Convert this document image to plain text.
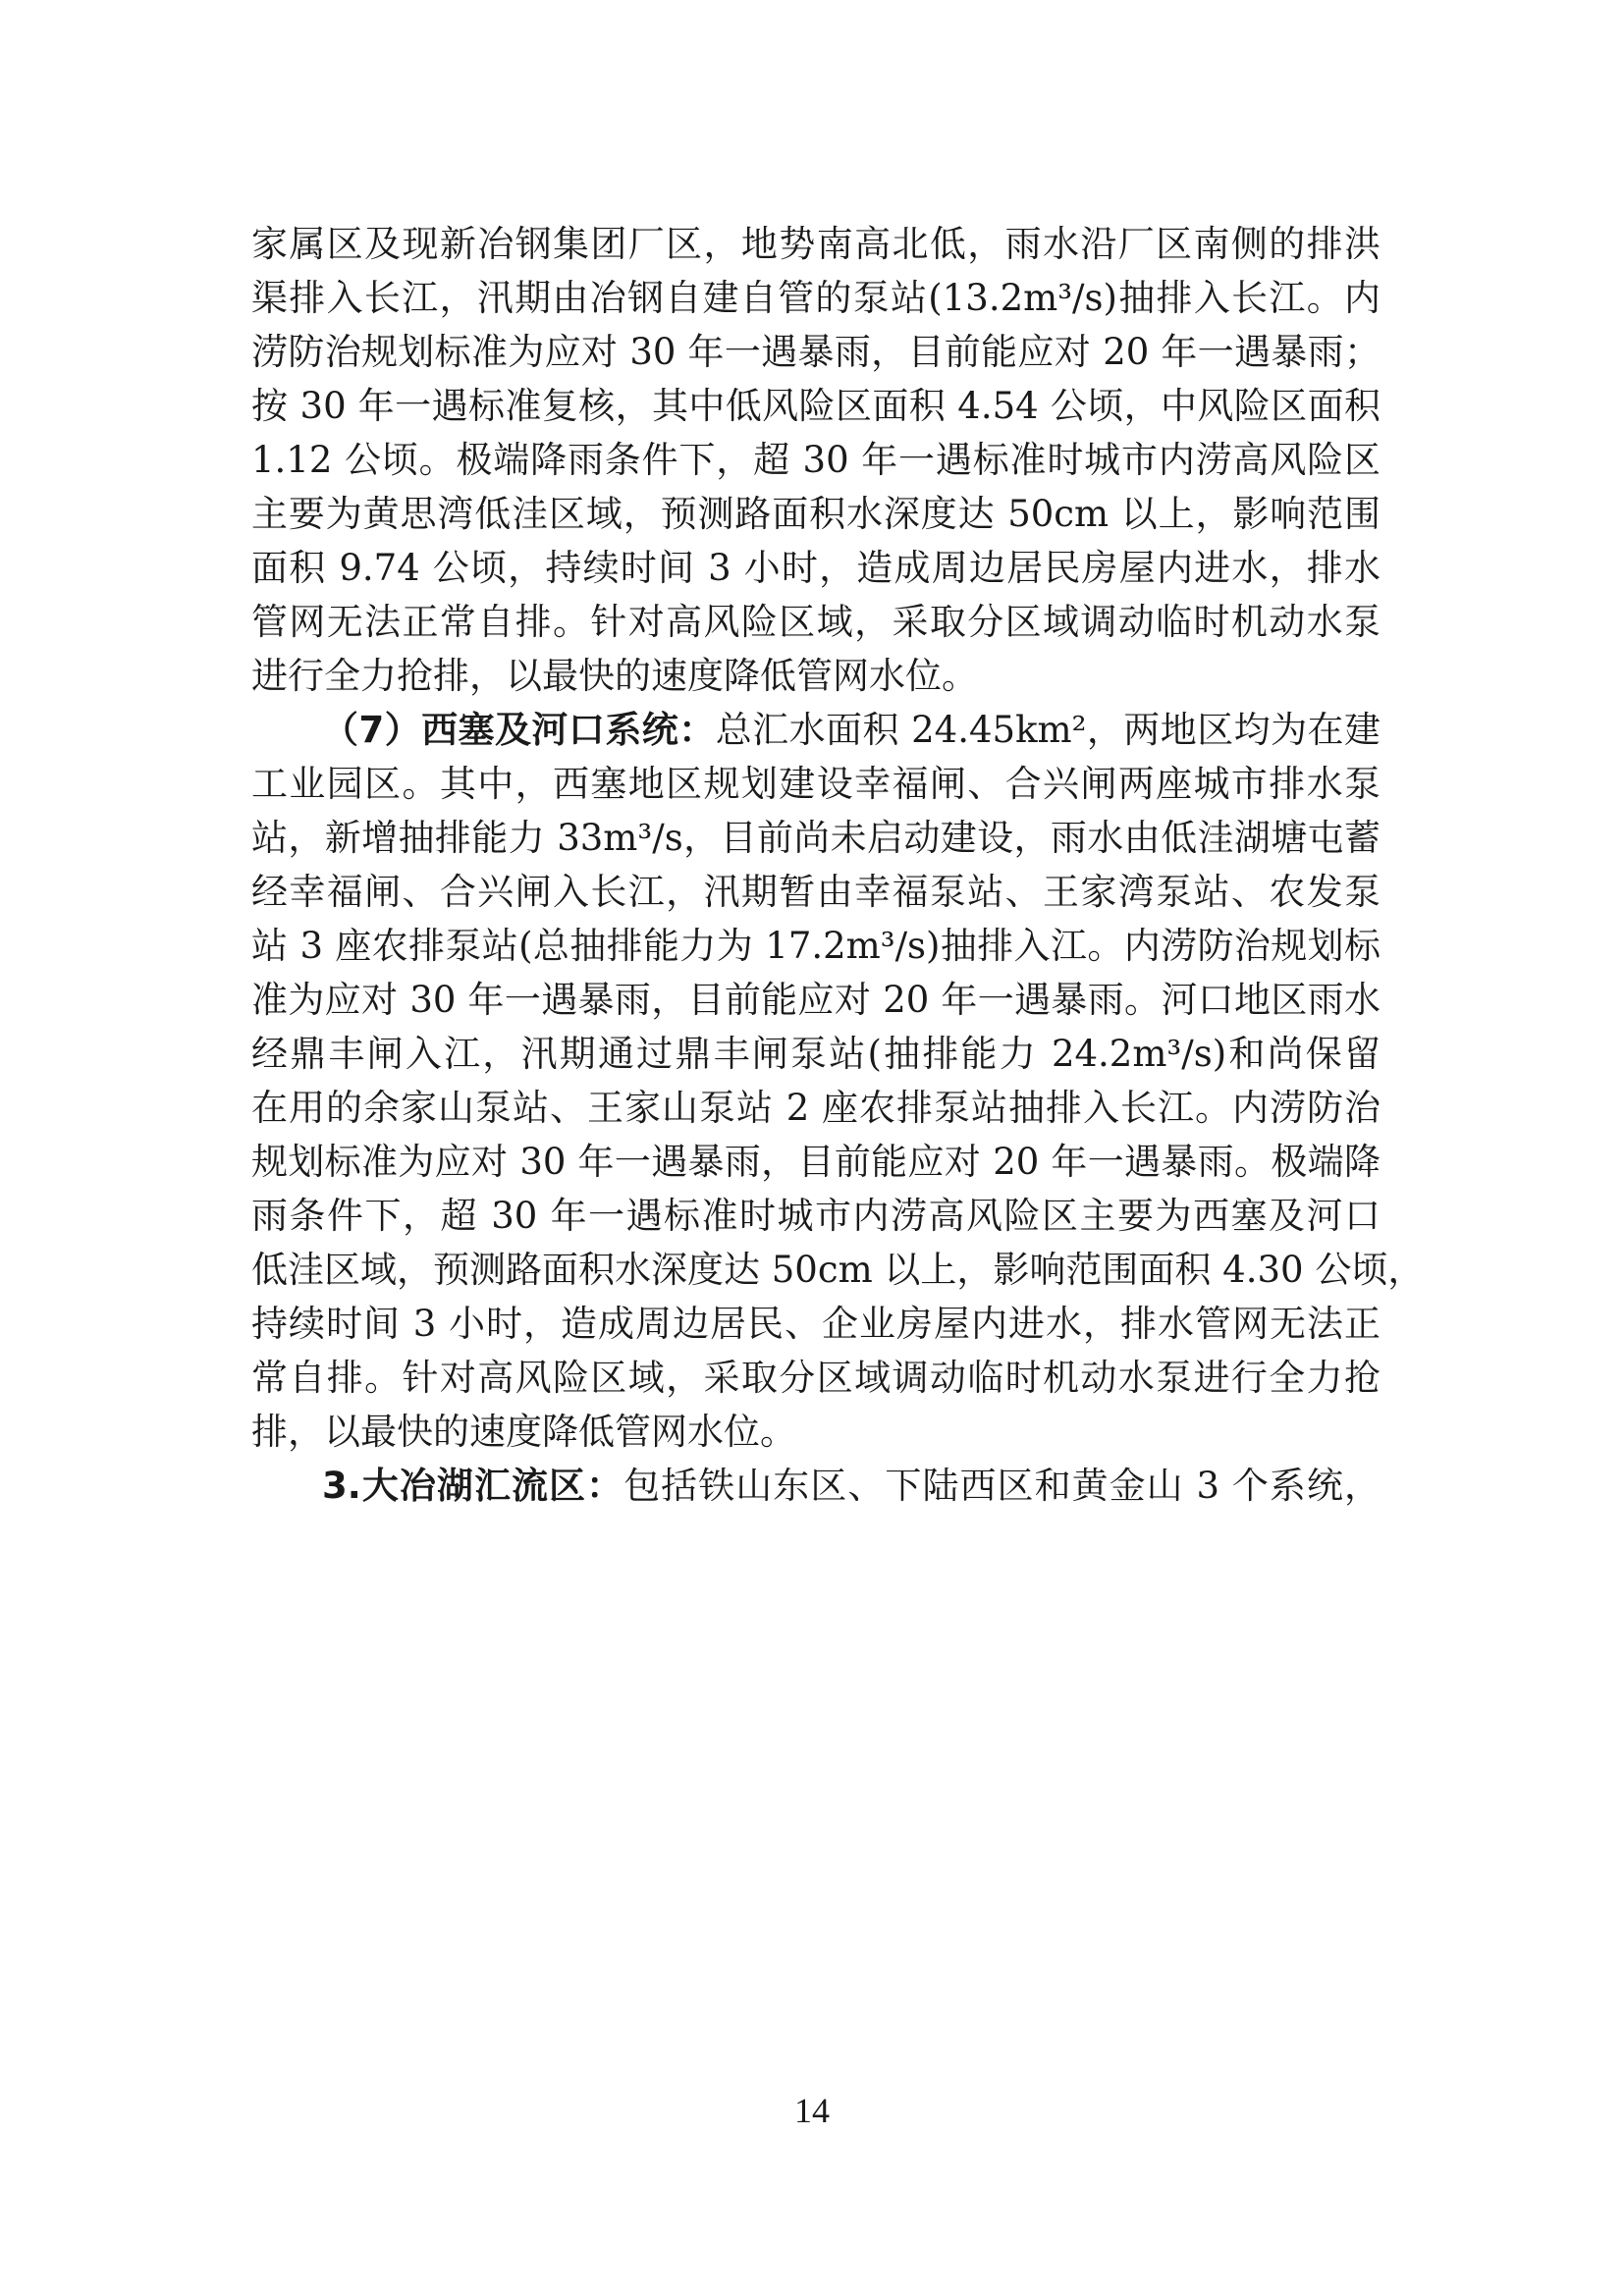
家属区及现新冶钢集团厂区，地势南高北低，雨水沿厂区南侧的排洪
渠排入长江，汛期由冶钢自建自管的泵站(13.2m³/s)抽排入长江。内
涝防治规划标准为应对 30 年一遇暴雨，目前能应对 20 年一遇暴雨；
按 30 年一遇标准复核，其中低风险区面积 4.54 公顷，中风险区面积
1.12 公顷。极端降雨条件下，超 30 年一遇标准时城市内涝高风险区
主要为黄思湾低洼区域，预测路面积水深度达 50cm 以上，影响范围
面积 9.74 公顷，持续时间 3 小时，造成周边居民房屋内进水，排水
管网无法正常自排。针对高风险区域，采取分区域调动临时机动水泵
进行全力抢排，以最快的速度降低管网水位。
（7）西塞及河口系统：总汇水面积 24.45km²，两地区均为在建
工业园区。其中，西塞地区规划建设幸福闸、合兴闸两座城市排水泵
站，新增抽排能力 33m³/s，目前尚未启动建设，雨水由低洼湖塘屯蓄
经幸福闸、合兴闸入长江，汛期暂由幸福泵站、王家湾泵站、农发泵
站 3 座农排泵站(总抽排能力为 17.2m³/s)抽排入江。内涝防治规划标
准为应对 30 年一遇暴雨，目前能应对 20 年一遇暴雨。河口地区雨水
经鼎丰闸入江，汛期通过鼎丰闸泵站(抽排能力 24.2m³/s)和尚保留
在用的余家山泵站、王家山泵站 2 座农排泵站抽排入长江。内涝防治
规划标准为应对 30 年一遇暴雨，目前能应对 20 年一遇暴雨。极端降
雨条件下，超 30 年一遇标准时城市内涝高风险区主要为西塞及河口
低洼区域，预测路面积水深度达 50cm 以上，影响范围面积 4.30 公顷，
持续时间 3 小时，造成周边居民、企业房屋内进水，排水管网无法正
常自排。针对高风险区域，采取分区域调动临时机动水泵进行全力抢
排，以最快的速度降低管网水位。
3.大冶湖汇流区：包括铁山东区、下陆西区和黄金山 3 个系统，
14
